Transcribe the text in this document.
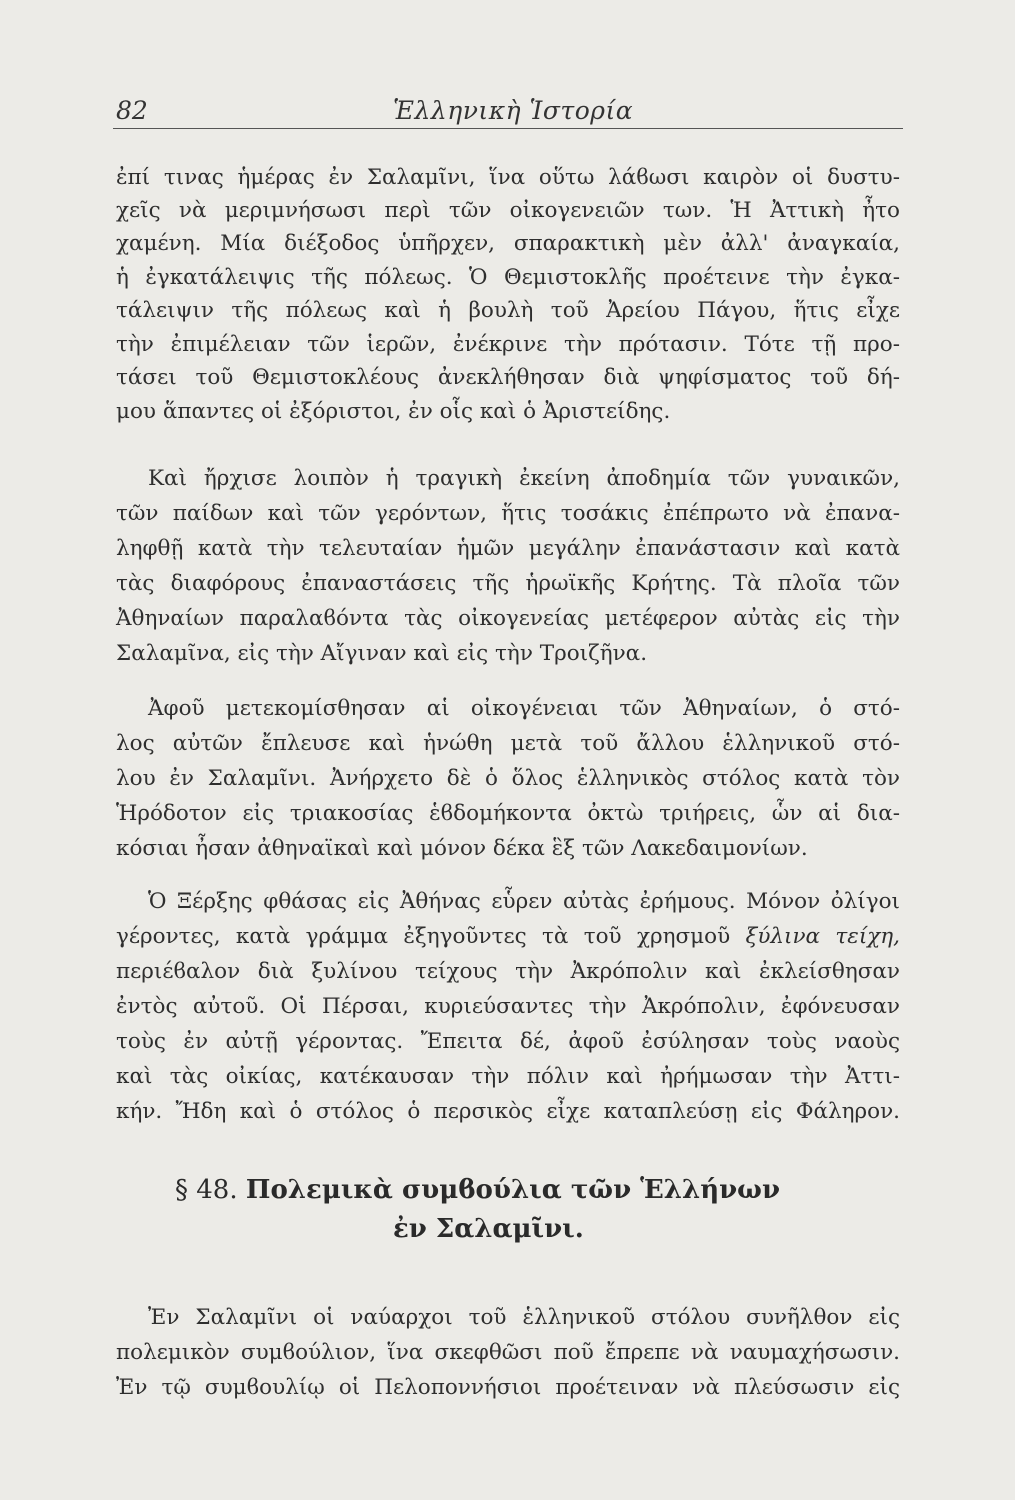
82	Ἑλληνικὴ Ἱστορία
ἐπί τινας ἡμέρας ἐν Σαλαμῖνι, ἵνα οὕτω λάϐωσι καιρὸν οἱ δυστυ-
χεῖς νὰ μεριμνήσωσι περὶ τῶν οἰκογενειῶν των. Ἡ Ἀττικὴ ἦτο
χαμένη. Μία διέξοδος ὑπῆρχεν, σπαρακτικὴ μὲν ἀλλ' ἀναγκαία,
ἡ ἐγκατάλειψις τῆς πόλεως. Ὁ Θεμιστοκλῆς προέτεινε τὴν ἐγκα-
τάλειψιν τῆς πόλεως καὶ ἡ βουλὴ τοῦ Ἀρείου Πάγου, ἥτις εἶχε
τὴν ἐπιμέλειαν τῶν ἱερῶν, ἐνέκρινε τὴν πρότασιν. Τότε τῇ προ-
τάσει τοῦ Θεμιστοκλέους ἀνεκλήθησαν διὰ ψηφίσματος τοῦ δή-
μου ἅπαντες οἱ ἐξόριστοι, ἐν οἷς καὶ ὁ Ἀριστείδης.
Καὶ ἤρχισε λοιπὸν ἡ τραγικὴ ἐκείνη ἀποδημία τῶν γυναικῶν,
τῶν παίδων καὶ τῶν γερόντων, ἥτις τοσάκις ἐπέπρωτο νὰ ἐπανα-
ληφθῇ κατὰ τὴν τελευταίαν ἡμῶν μεγάλην ἐπανάστασιν καὶ κατὰ
τὰς διαφόρους ἐπαναστάσεις τῆς ἡρωϊκῆς Κρήτης. Τὰ πλοῖα τῶν
Ἀθηναίων παραλαϐόντα τὰς οἰκογενείας μετέφερον αὐτὰς εἰς τὴν
Σαλαμῖνα, εἰς τὴν Αἴγιναν καὶ εἰς τὴν Τροιζῆνα.
Ἀφοῦ μετεκομίσθησαν αἱ οἰκογένειαι τῶν Ἀθηναίων, ὁ στό-
λος αὐτῶν ἔπλευσε καὶ ἡνώθη μετὰ τοῦ ἄλλου ἑλληνικοῦ στό-
λου ἐν Σαλαμῖνι. Ἀνήρχετο δὲ ὁ ὅλος ἑλληνικὸς στόλος κατὰ τὸν
Ἡρόδοτον εἰς τριακοσίας ἑϐδομήκοντα ὀκτὼ τριήρεις, ὧν αἱ δια-
κόσιαι ἦσαν ἀθηναϊκαὶ καὶ μόνον δέκα ἓξ τῶν Λακεδαιμονίων.
Ὁ Ξέρξης φθάσας εἰς Ἀθήνας εὗρεν αὐτὰς ἐρήμους. Μόνον ὀλίγοι
γέροντες, κατὰ γράμμα ἐξηγοῦντες τὰ τοῦ χρησμοῦ ξύλινα τείχη,
περιέϐαλον διὰ ξυλίνου τείχους τὴν Ἀκρόπολιν καὶ ἐκλείσθησαν
ἐντὸς αὐτοῦ. Οἱ Πέρσαι, κυριεύσαντες τὴν Ἀκρόπολιν, ἐφόνευσαν
τοὺς ἐν αὐτῇ γέροντας. Ἔπειτα δέ, ἀφοῦ ἐσύλησαν τοὺς ναοὺς
καὶ τὰς οἰκίας, κατέκαυσαν τὴν πόλιν καὶ ἠρήμωσαν τὴν Ἀττι-
κήν. Ἤδη καὶ ὁ στόλος ὁ περσικὸς εἶχε καταπλεύσῃ εἰς Φάληρον.
§ 48. Πολεμικὰ συμϐούλια τῶν Ἑλλήνων
ἐν Σαλαμῖνι.
Ἐν Σαλαμῖνι οἱ ναύαρχοι τοῦ ἑλληνικοῦ στόλου συνῆλθον εἰς
πολεμικὸν συμϐούλιον, ἵνα σκεφθῶσι ποῦ ἔπρεπε νὰ ναυμαχήσωσιν.
Ἐν τῷ συμϐουλίῳ οἱ Πελοποννήσιοι προέτειναν νὰ πλεύσωσιν εἰς
